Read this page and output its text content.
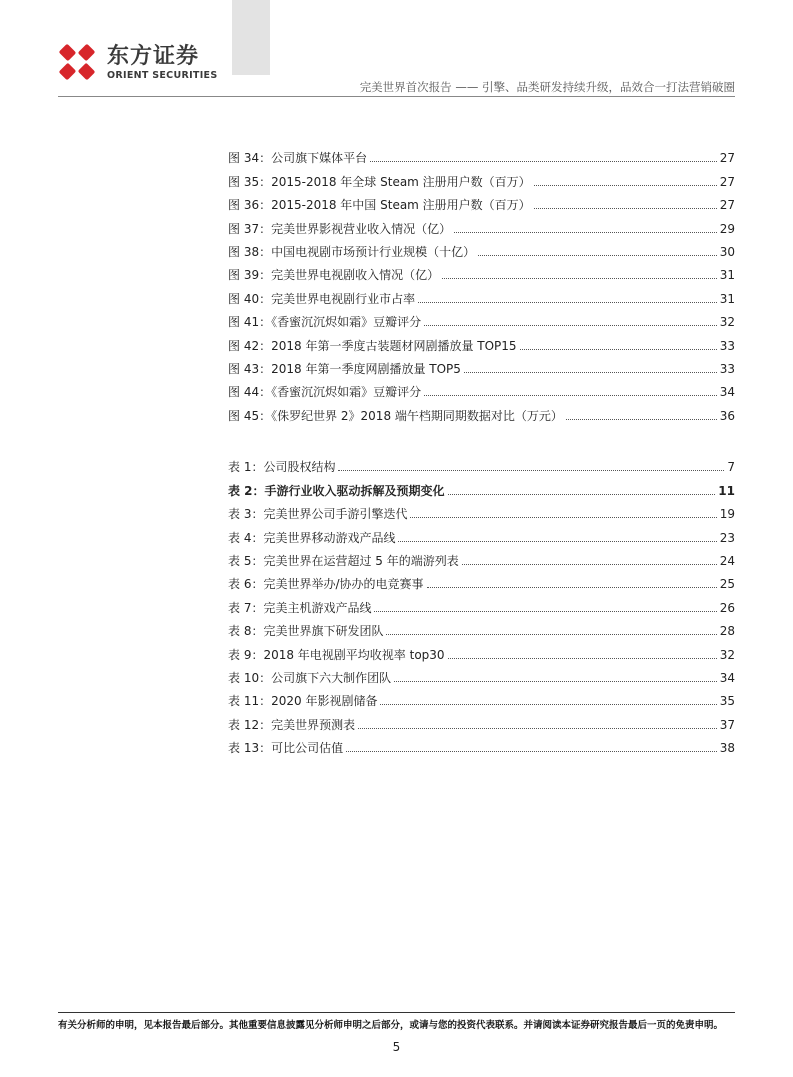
东方证券
ORIENT SECURITIES
完美世界首次报告 —— 引擎、品类研发持续升级，品效合一打法营销破圈
图 34：公司旗下媒体平台	27
图 35：2015-2018 年全球 Steam 注册用户数（百万）	27
图 36：2015-2018 年中国 Steam 注册用户数（百万）	27
图 37：完美世界影视营业收入情况（亿）	29
图 38：中国电视剧市场预计行业规模（十亿）	30
图 39：完美世界电视剧收入情况（亿）	31
图 40：完美世界电视剧行业市占率	31
图 41：《香蜜沉沉烬如霜》豆瓣评分	32
图 42：2018 年第一季度古装题材网剧播放量 TOP15	33
图 43：2018 年第一季度网剧播放量 TOP5	33
图 44：《香蜜沉沉烬如霜》豆瓣评分	34
图 45：《侏罗纪世界 2》2018 端午档期同期数据对比（万元）	36
表 1：公司股权结构	7
表 2：手游行业收入驱动拆解及预期变化	11
表 3：完美世界公司手游引擎迭代	19
表 4：完美世界移动游戏产品线	23
表 5：完美世界在运营超过 5 年的端游列表	24
表 6：完美世界举办/协办的电竞赛事	25
表 7：完美主机游戏产品线	26
表 8：完美世界旗下研发团队	28
表 9：2018 年电视剧平均收视率 top30	32
表 10：公司旗下六大制作团队	34
表 11：2020 年影视剧储备	35
表 12：完美世界预测表	37
表 13：可比公司估值	38
有关分析师的申明，见本报告最后部分。其他重要信息披露见分析师申明之后部分，或请与您的投资代表联系。并请阅读本证券研究报告最后一页的免责申明。
5
